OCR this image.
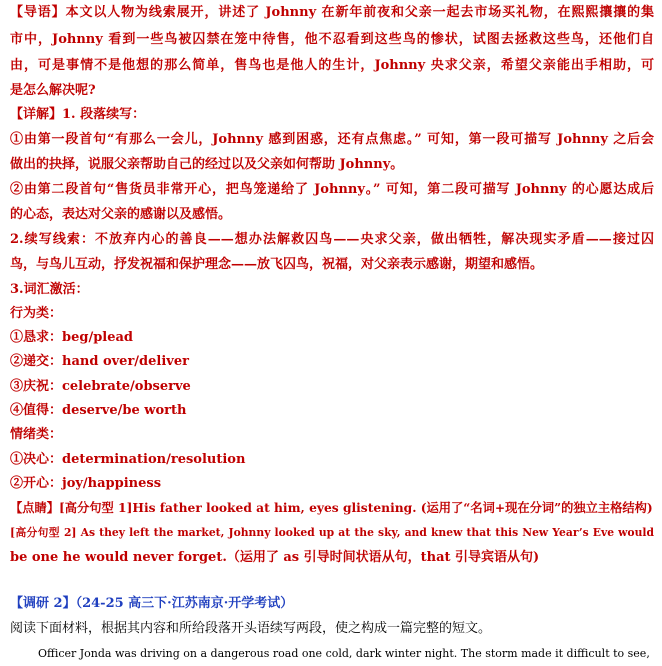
【导语】本文以人物为线索展开，讲述了 Johnny 在新年前夜和父亲一起去市场买礼物，在熙熙攘攘的集
市中，Johnny 看到一些鸟被囚禁在笼中待售，他不忍看到这些鸟的惨状，试图去拯救这些鸟，还他们自
由，可是事情不是他想的那么简单，售鸟也是他人的生计，Johnny 央求父亲，希望父亲能出手相助，可
是怎么解决呢?
【详解】1. 段落续写：
①由第一段首句“有那么一会儿，Johnny 感到困惑，还有点焦虑。” 可知，第一段可描写 Johnny 之后会
做出的抉择，说服父亲帮助自己的经过以及父亲如何帮助 Johnny。
②由第二段首句“售货员非常开心，把鸟笼递给了 Johnny。” 可知，第二段可描写 Johnny 的心愿达成后
的心态，表达对父亲的感谢以及感悟。
2.续写线索：不放弃内心的善良——想办法解救囚鸟——央求父亲，做出牺牲，解决现实矛盾——接过囚
鸟，与鸟儿互动，抒发祝福和保护理念——放飞囚鸟，祝福，对父亲表示感谢，期望和感悟。
3.词汇激活：
行为类：
①恳求：beg/plead
②递交：hand over/deliver
③庆祝：celebrate/observe
④值得：deserve/be worth
情绪类：
①决心：determination/resolution
②开心：joy/happiness
【点睛】[高分句型 1]His father looked at him, eyes glistening. (运用了“名词+现在分词”的独立主格结构)
[高分句型 2] As they left the market, Johnny looked up at the sky, and knew that this New Year’s Eve would
be one he would never forget.（运用了 as 引导时间状语从句，that 引导宾语从句)
【调研 2】（24-25 高三下·江苏南京·开学考试）
阅读下面材料，根据其内容和所给段落开头语续写两段，使之构成一篇完整的短文。
Officer Jonda was driving on a dangerous road one cold, dark winter night. The storm made it difficult to see,
